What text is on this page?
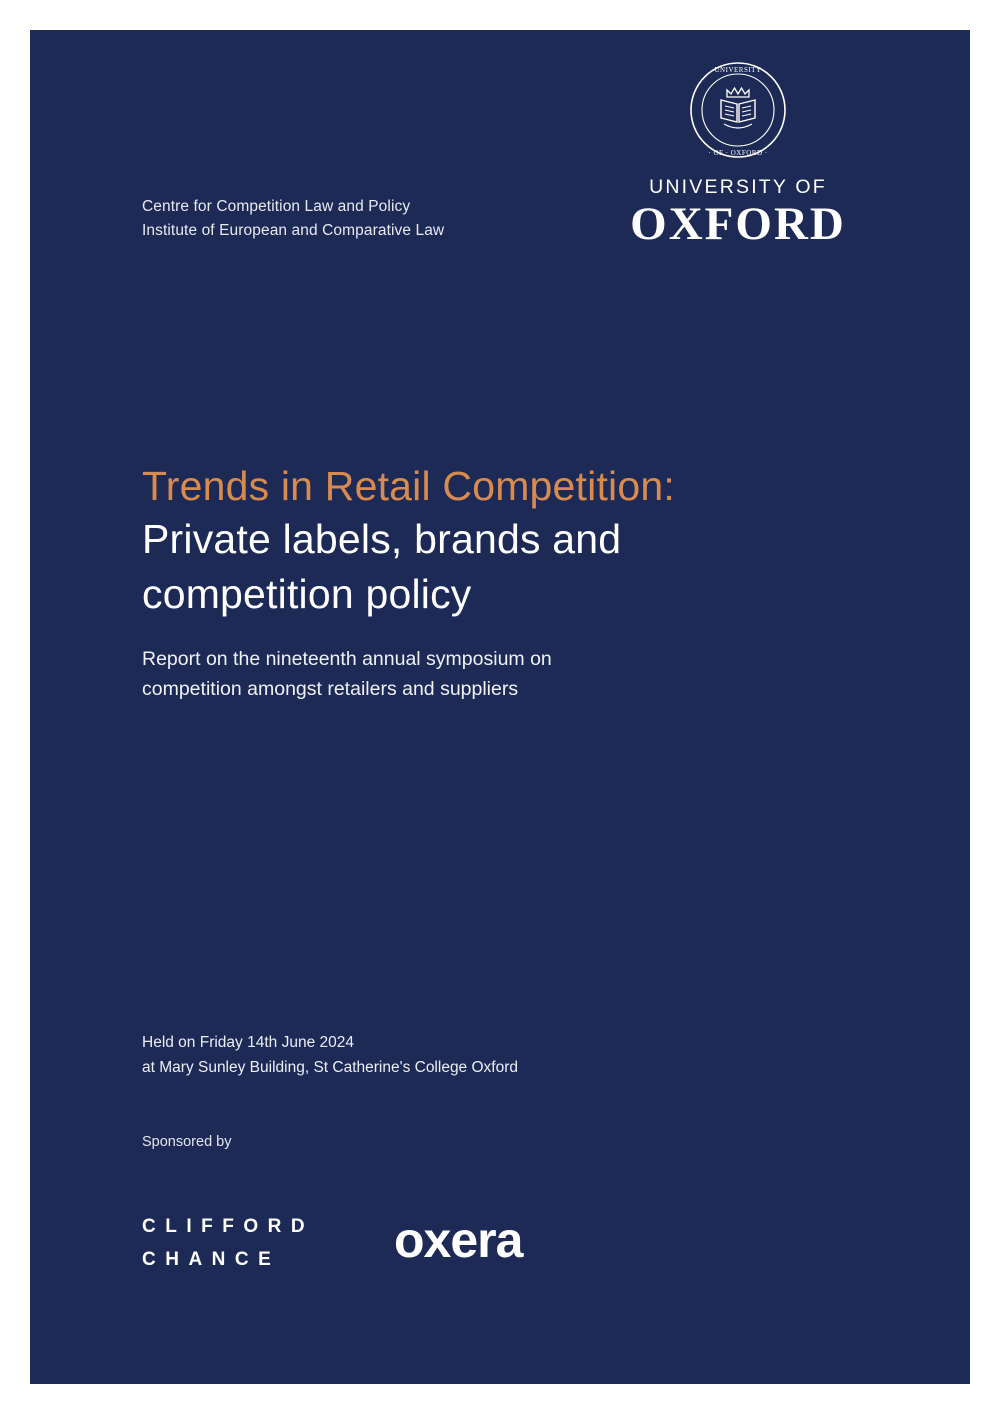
Centre for Competition Law and Policy
Institute of European and Comparative Law
UNIVERSITY
· OF · OXFORD ·
UNIVERSITY OF
OXFORD
Trends in Retail Competition:
Private labels, brands and
competition policy
Report on the nineteenth annual symposium on
competition amongst retailers and suppliers
Held on Friday 14th June 2024
at Mary Sunley Building, St Catherine's College Oxford
Sponsored by
CLIFFORD
CHANCE	oxera
